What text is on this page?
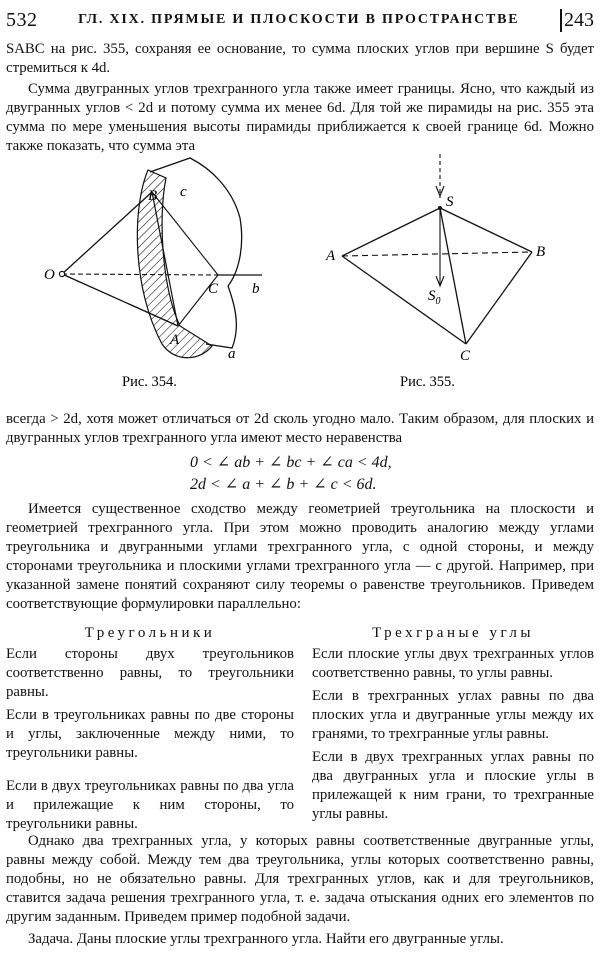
532	ГЛ. XIX. ПРЯМЫЕ И ПЛОСКОСТИ В ПРОСТРАНСТВЕ 243

SABC на рис. 355, сохраняя ее основание, то сумма плоских углов при вершине S будет стремиться к 4d.

Сумма двугранных углов трехгранного угла также имеет границы. Ясно, что каждый из двугранных углов < 2d и потому сумма их менее 6d. Для той же пирамиды на рис. 355 эта сумма по мере уменьшения высоты пирамиды приближается к своей границе 6d. Можно также показать, что сумма эта

O
B c
C b
A
a
Рис. 354.
S
A	B
$S_0$
C
Рис. 355.

всегда > 2d, хотя может отличаться от 2d сколь угодно мало. Таким образом, для плоских и двугранных углов трехгранного угла имеют место неравенства

0 < ∠ ab + ∠ bc + ∠ ca < 4d,
2d < ∠ a + ∠ b + ∠ c < 6d.

Имеется существенное сходство между геометрией треугольника на плоскости и геометрией трехгранного угла. При этом можно проводить аналогию между углами треугольника и двугранными углами трехгранного угла, с одной стороны, и между сторонами треугольника и плоскими углами трехгранного угла — с другой. Например, при указанной замене понятий сохраняют силу теоремы о равенстве треугольников. Приведем соответствующие формулировки параллельно:

Треугольники

Если стороны двух треугольников соответственно равны, то треугольники равны.

Если в треугольниках равны по две стороны и углы, заключенные между ними, то треугольники равны.

Если в двух треугольниках равны по два угла и прилежащие к ним стороны, то треугольники равны.

Трехграные углы

Если плоские углы двух трехгранных углов соответственно равны, то углы равны.

Если в трехгранных углах равны по два плоских угла и двугранные углы между их гранями, то трехгранные углы равны.

Если в двух трехгранных углах равны по два двугранных угла и плоские углы в прилежащей к ним грани, то трехгранные углы равны.

Однако два трехгранных угла, у которых равны соответственные двугранные углы, равны между собой. Между тем два треугольника, углы которых соответственно равны, подобны, но не обязательно равны. Для трехгранных углов, как и для треугольников, ставится задача решения трехгранного угла, т. е. задача отыскания одних его элементов по другим заданным. Приведем пример подобной задачи.

Задача. Даны плоские углы трехгранного угла. Найти его двугранные углы.
